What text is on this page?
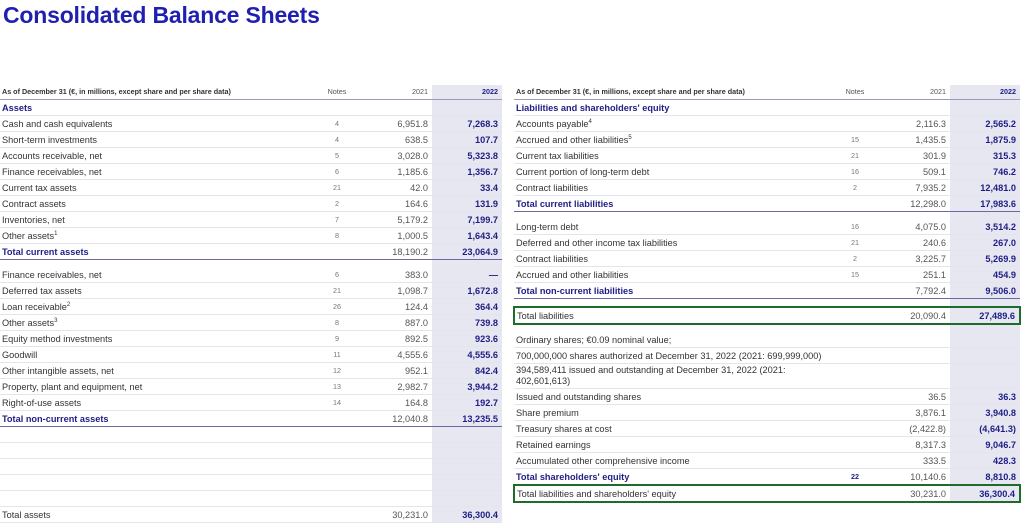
Consolidated Balance Sheets
As of December 31 (€, in millions, except share and per share data)	Notes	2021	2022
Assets			
Cash and cash equivalents	4	6,951.8	7,268.3
Short-term investments	4	638.5	107.7
Accounts receivable, net	5	3,028.0	5,323.8
Finance receivables, net	6	1,185.6	1,356.7
Current tax assets	21	42.0	33.4
Contract assets	2	164.6	131.9
Inventories, net	7	5,179.2	7,199.7
Other assets$^1$	8	1,000.5	1,643.4
Total current assets		18,190.2	23,064.9

Finance receivables, net	6	383.0	—
Deferred tax assets	21	1,098.7	1,672.8
Loan receivable$^2$	26	124.4	364.4
Other assets$^3$	8	887.0	739.8
Equity method investments	9	892.5	923.6
Goodwill	11	4,555.6	4,555.6
Other intangible assets, net	12	952.1	842.4
Property, plant and equipment, net	13	2,982.7	3,944.2
Right-of-use assets	14	164.8	192.7
Total non-current assets		12,040.8	13,235.5

Total assets		30,231.0	36,300.4
As of December 31 (€, in millions, except share and per share data)	Notes	2021	2022
Liabilities and shareholders' equity			
Accounts payable$^4$		2,116.3	2,565.2
Accrued and other liabilities$^5$	15	1,435.5	1,875.9
Current tax liabilities	21	301.9	315.3
Current portion of long-term debt	16	509.1	746.2
Contract liabilities	2	7,935.2	12,481.0
Total current liabilities		12,298.0	17,983.6

Long-term debt	16	4,075.0	3,514.2
Deferred and other income tax liabilities	21	240.6	267.0
Contract liabilities	2	3,225.7	5,269.9
Accrued and other liabilities	15	251.1	454.9
Total non-current liabilities		7,792.4	9,506.0

Total liabilities		20,090.4	27,489.6

Ordinary shares; €0.09 nominal value;			
700,000,000 shares authorized at December 31, 2022 (2021: 699,999,000)			
394,589,411 issued and outstanding at December 31, 2022 (2021: 402,601,613)			
Issued and outstanding shares		36.5	36.3
Share premium		3,876.1	3,940.8
Treasury shares at cost		(2,422.8)	(4,641.3)
Retained earnings		8,317.3	9,046.7
Accumulated other comprehensive income		333.5	428.3
Total shareholders' equity	22	10,140.6	8,810.8
Total liabilities and shareholders' equity		30,231.0	36,300.4
